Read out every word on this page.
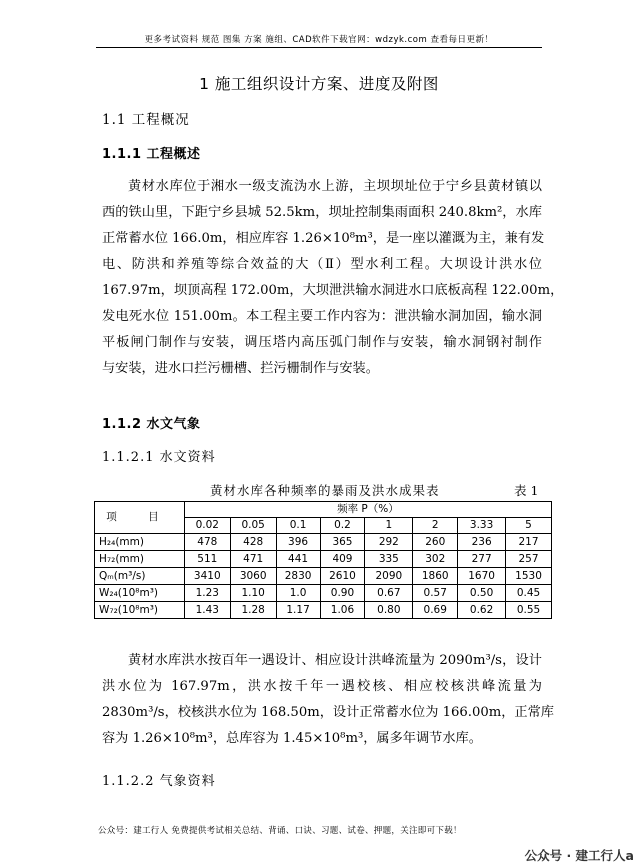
更多考试资料 规范 图集 方案 施组、CAD软件下载官网：wdzyk.com 查看每日更新！
1 施工组织设计方案、进度及附图
1.1 工程概况
1.1.1 工程概述
黄材水库位于湘水一级支流沩水上游，主坝坝址位于宁乡县黄材镇以
西的铁山里，下距宁乡县城 52.5km，坝址控制集雨面积 240.8km²，水库
正常蓄水位 166.0m，相应库容 1.26×10⁸m³，是一座以灌溉为主，兼有发
电、防洪和养殖等综合效益的大（Ⅱ）型水利工程。大坝设计洪水位
167.97m，坝顶高程 172.00m，大坝泄洪输水洞进水口底板高程 122.00m，
发电死水位 151.00m。本工程主要工作内容为：泄洪输水洞加固，输水洞
平板闸门制作与安装，调压塔内高压弧门制作与安装，输水洞钢衬制作
与安装，进水口拦污栅槽、拦污栅制作与安装。
1.1.2 水文气象
1.1.2.1 水文资料
黄材水库各种频率的暴雨及洪水成果表	表 1
项 目	频率 P（%）							
	0.02	0.05	0.1	0.2	1	2	3.33	5
H₂₄(mm)	478	428	396	365	292	260	236	217
H₇₂(mm)	511	471	441	409	335	302	277	257
Qₘ(m³/s)	3410	3060	2830	2610	2090	1860	1670	1530
W₂₄(10⁸m³)	1.23	1.10	1.0	0.90	0.67	0.57	0.50	0.45
W₇₂(10⁸m³)	1.43	1.28	1.17	1.06	0.80	0.69	0.62	0.55
黄材水库洪水按百年一遇设计、相应设计洪峰流量为 2090m³/s，设计
洪水位为 167.97m，洪水按千年一遇校核、相应校核洪峰流量为
2830m³/s，校核洪水位为 168.50m，设计正常蓄水位为 166.00m，正常库
容为 1.26×10⁸m³，总库容为 1.45×10⁸m³，属多年调节水库。
1.1.2.2 气象资料
公众号：建工行人 免费提供考试相关总结、背诵、口诀、习题、试卷、押题，关注即可下载！
公众号 · 建工行人a
